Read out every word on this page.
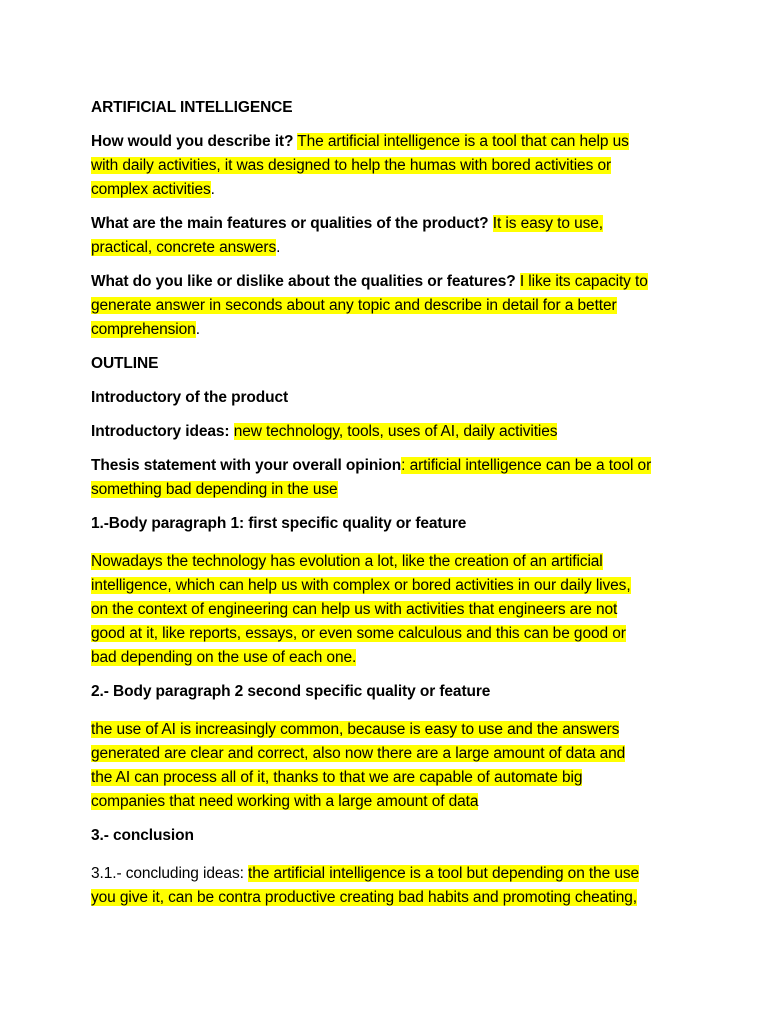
ARTIFICIAL INTELLIGENCE
How would you describe it? The artificial intelligence is a tool that can help us
with daily activities, it was designed to help the humas with bored activities or
complex activities.
What are the main features or qualities of the product? It is easy to use,
practical, concrete answers.
What do you like or dislike about the qualities or features? I like its capacity to
generate answer in seconds about any topic and describe in detail for a better
comprehension.
OUTLINE
Introductory of the product
Introductory ideas: new technology, tools, uses of AI, daily activities
Thesis statement with your overall opinion: artificial intelligence can be a tool or
something bad depending in the use
1.-Body paragraph 1: first specific quality or feature
Nowadays the technology has evolution a lot, like the creation of an artificial
intelligence, which can help us with complex or bored activities in our daily lives,
on the context of engineering can help us with activities that engineers are not
good at it, like reports, essays, or even some calculous and this can be good or
bad depending on the use of each one.
2.- Body paragraph 2 second specific quality or feature
the use of AI is increasingly common, because is easy to use and the answers
generated are clear and correct, also now there are a large amount of data and
the AI can process all of it, thanks to that we are capable of automate big
companies that need working with a large amount of data
3.- conclusion
3.1.- concluding ideas: the artificial intelligence is a tool but depending on the use
you give it, can be contra productive creating bad habits and promoting cheating,
